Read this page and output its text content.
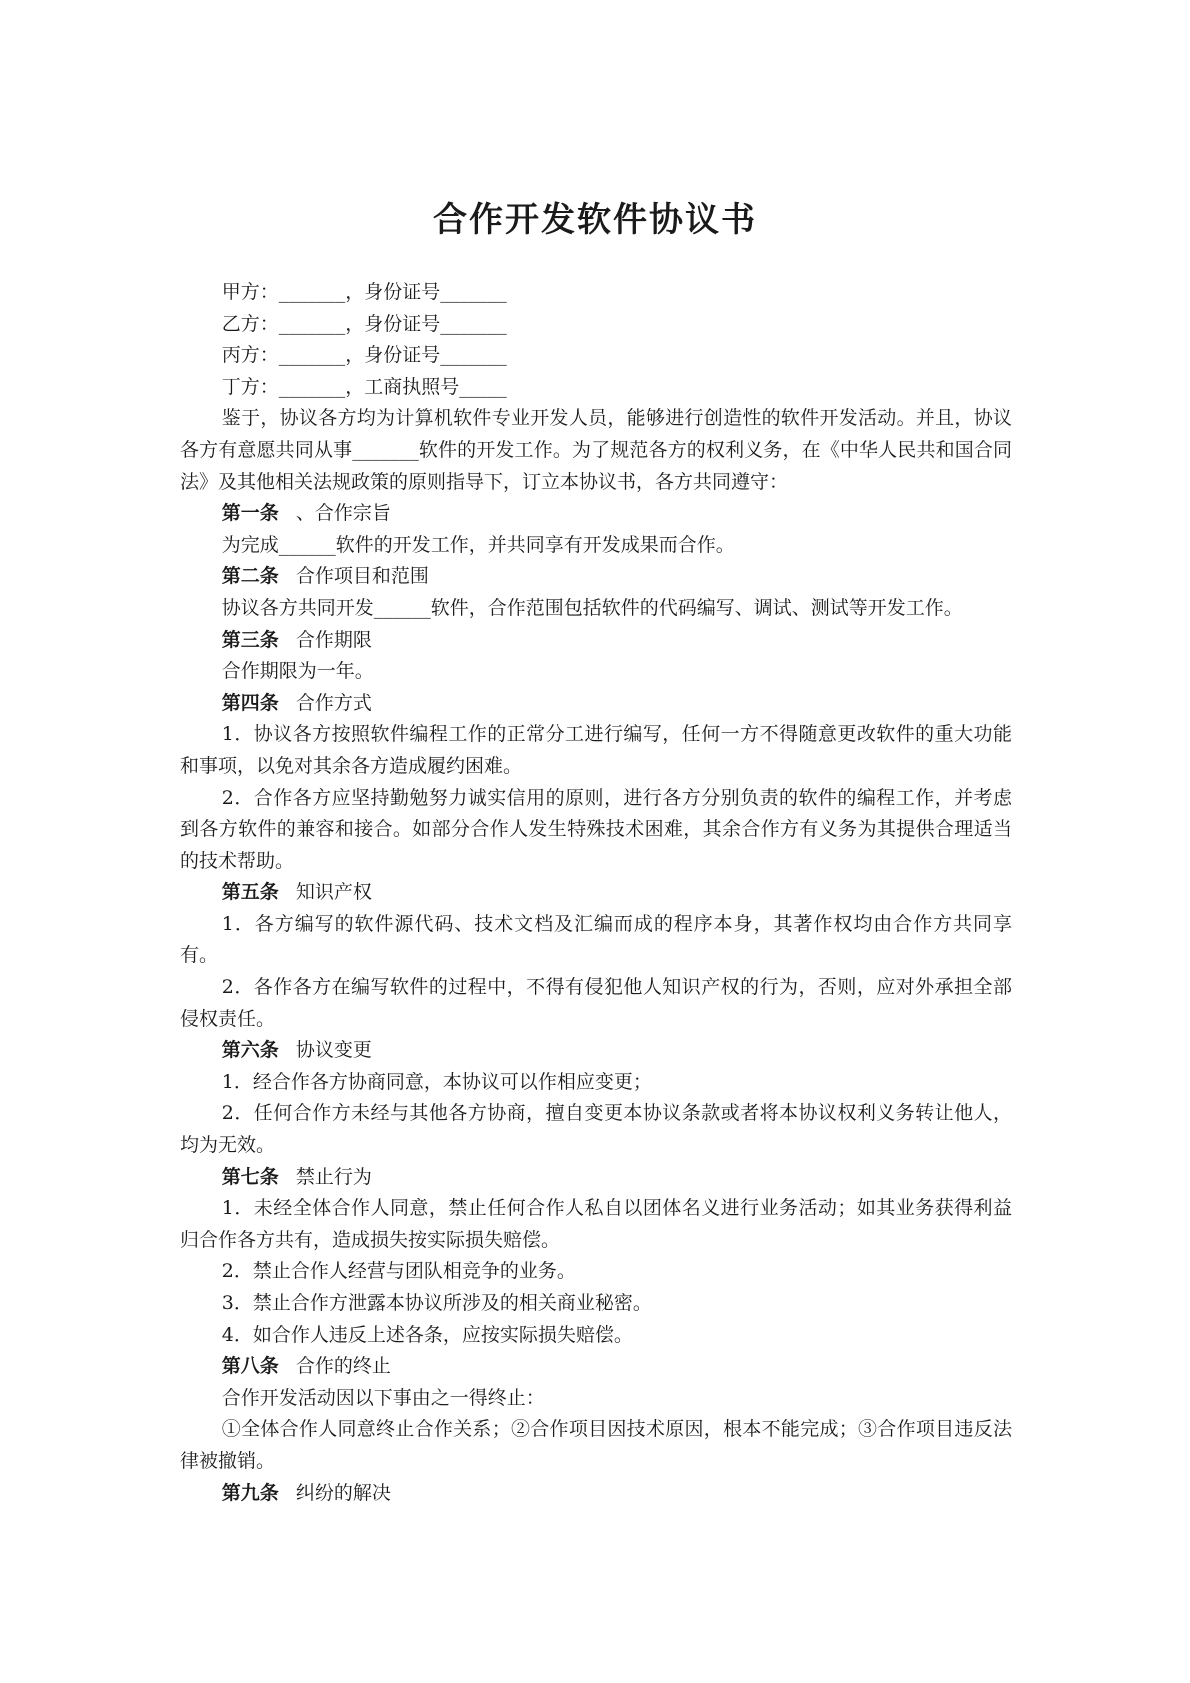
合作开发软件协议书

甲方：_______，身份证号_______

乙方：_______，身份证号_______

丙方：_______，身份证号_______

丁方：_______，工商执照号_____

鉴于，协议各方均为计算机软件专业开发人员，能够进行创造性的软件开发活动。并且，协议各方有意愿共同从事_______软件的开发工作。为了规范各方的权利义务，在《中华人民共和国合同法》及其他相关法规政策的原则指导下，订立本协议书，各方共同遵守：

第一条 、合作宗旨

为完成______软件的开发工作，并共同享有开发成果而合作。

第二条 合作项目和范围

协议各方共同开发______软件，合作范围包括软件的代码编写、调试、测试等开发工作。

第三条 合作期限

合作期限为一年。

第四条 合作方式

1．协议各方按照软件编程工作的正常分工进行编写，任何一方不得随意更改软件的重大功能和事项，以免对其余各方造成履约困难。

2．合作各方应坚持勤勉努力诚实信用的原则，进行各方分别负责的软件的编程工作，并考虑到各方软件的兼容和接合。如部分合作人发生特殊技术困难，其余合作方有义务为其提供合理适当的技术帮助。

第五条 知识产权

1．各方编写的软件源代码、技术文档及汇编而成的程序本身，其著作权均由合作方共同享有。

2．各作各方在编写软件的过程中，不得有侵犯他人知识产权的行为，否则，应对外承担全部侵权责任。

第六条 协议变更

1．经合作各方协商同意，本协议可以作相应变更；

2．任何合作方未经与其他各方协商，擅自变更本协议条款或者将本协议权利义务转让他人，均为无效。

第七条 禁止行为

1．未经全体合作人同意，禁止任何合作人私自以团体名义进行业务活动；如其业务获得利益归合作各方共有，造成损失按实际损失赔偿。

2．禁止合作人经营与团队相竞争的业务。

3．禁止合作方泄露本协议所涉及的相关商业秘密。

4．如合作人违反上述各条，应按实际损失赔偿。

第八条 合作的终止

合作开发活动因以下事由之一得终止：

①全体合作人同意终止合作关系；②合作项目因技术原因，根本不能完成；③合作项目违反法律被撤销。

第九条 纠纷的解决
